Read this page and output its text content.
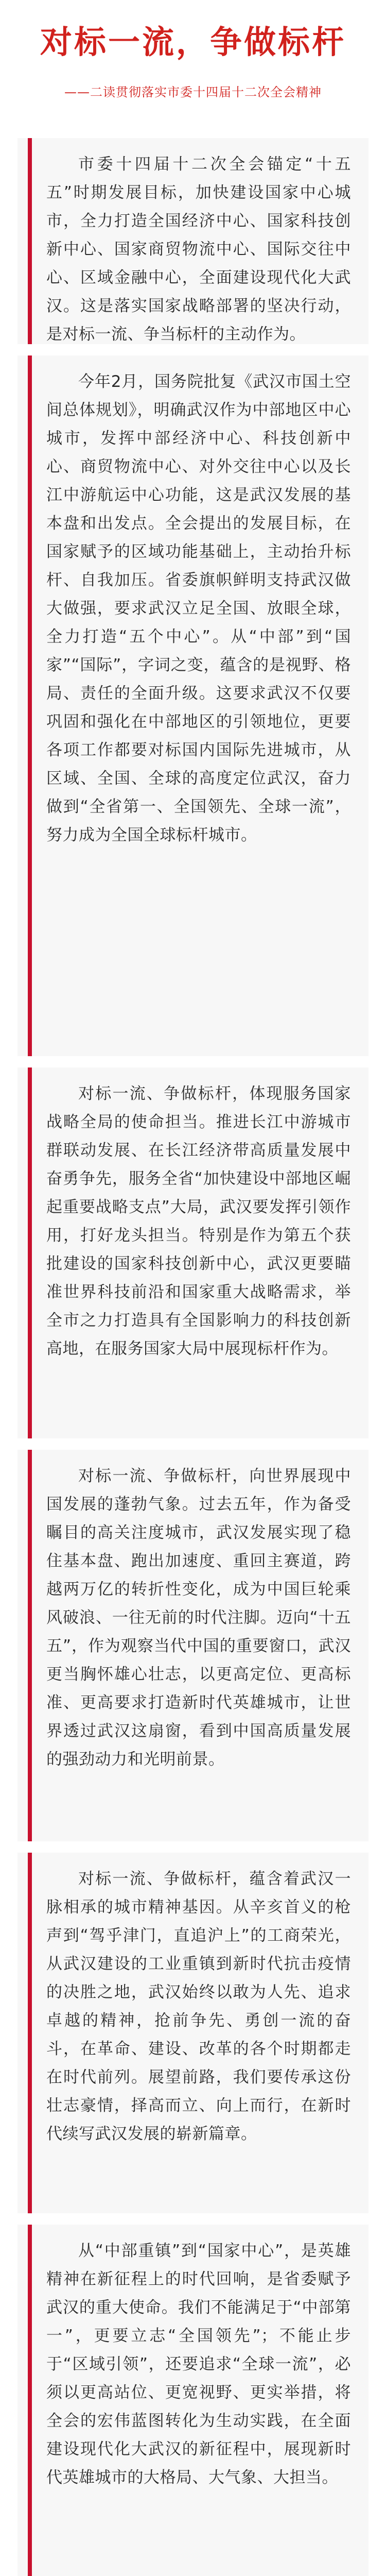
对标一流，争做标杆
——二读贯彻落实市委十四届十二次全会精神

市委十四届十二次全会锚定“十五五”时期发展目标，加快建设国家中心城市，全力打造全国经济中心、国家科技创新中心、国家商贸物流中心、国际交往中心、区域金融中心，全面建设现代化大武汉。这是落实国家战略部署的坚决行动，是对标一流、争当标杆的主动作为。

今年2月，国务院批复《武汉市国土空间总体规划》，明确武汉作为中部地区中心城市，发挥中部经济中心、科技创新中心、商贸物流中心、对外交往中心以及长江中游航运中心功能，这是武汉发展的基本盘和出发点。全会提出的发展目标，在国家赋予的区域功能基础上，主动抬升标杆、自我加压。省委旗帜鲜明支持武汉做大做强，要求武汉立足全国、放眼全球，全力打造“五个中心”。从“中部”到“国家”“国际”，字词之变，蕴含的是视野、格局、责任的全面升级。这要求武汉不仅要巩固和强化在中部地区的引领地位，更要各项工作都要对标国内国际先进城市，从区域、全国、全球的高度定位武汉，奋力做到“全省第一、全国领先、全球一流”，努力成为全国全球标杆城市。

对标一流、争做标杆，体现服务国家战略全局的使命担当。推进长江中游城市群联动发展、在长江经济带高质量发展中奋勇争先，服务全省“加快建设中部地区崛起重要战略支点”大局，武汉要发挥引领作用，打好龙头担当。特别是作为第五个获批建设的国家科技创新中心，武汉更要瞄准世界科技前沿和国家重大战略需求，举全市之力打造具有全国影响力的科技创新高地，在服务国家大局中展现标杆作为。

对标一流、争做标杆，向世界展现中国发展的蓬勃气象。过去五年，作为备受瞩目的高关注度城市，武汉发展实现了稳住基本盘、跑出加速度、重回主赛道，跨越两万亿的转折性变化，成为中国巨轮乘风破浪、一往无前的时代注脚。迈向“十五五”，作为观察当代中国的重要窗口，武汉更当胸怀雄心壮志，以更高定位、更高标准、更高要求打造新时代英雄城市，让世界透过武汉这扇窗，看到中国高质量发展的强劲动力和光明前景。

对标一流、争做标杆，蕴含着武汉一脉相承的城市精神基因。从辛亥首义的枪声到“驾乎津门，直追沪上”的工商荣光，从武汉建设的工业重镇到新时代抗击疫情的决胜之地，武汉始终以敢为人先、追求卓越的精神，抢前争先、勇创一流的奋斗，在革命、建设、改革的各个时期都走在时代前列。展望前路，我们要传承这份壮志豪情，择高而立、向上而行，在新时代续写武汉发展的崭新篇章。

从“中部重镇”到“国家中心”，是英雄精神在新征程上的时代回响，是省委赋予武汉的重大使命。我们不能满足于“中部第一”，更要立志“全国领先”；不能止步于“区域引领”，还要追求“全球一流”，必须以更高站位、更宽视野、更实举措，将全会的宏伟蓝图转化为生动实践，在全面建设现代化大武汉的新征程中，展现新时代英雄城市的大格局、大气象、大担当。
